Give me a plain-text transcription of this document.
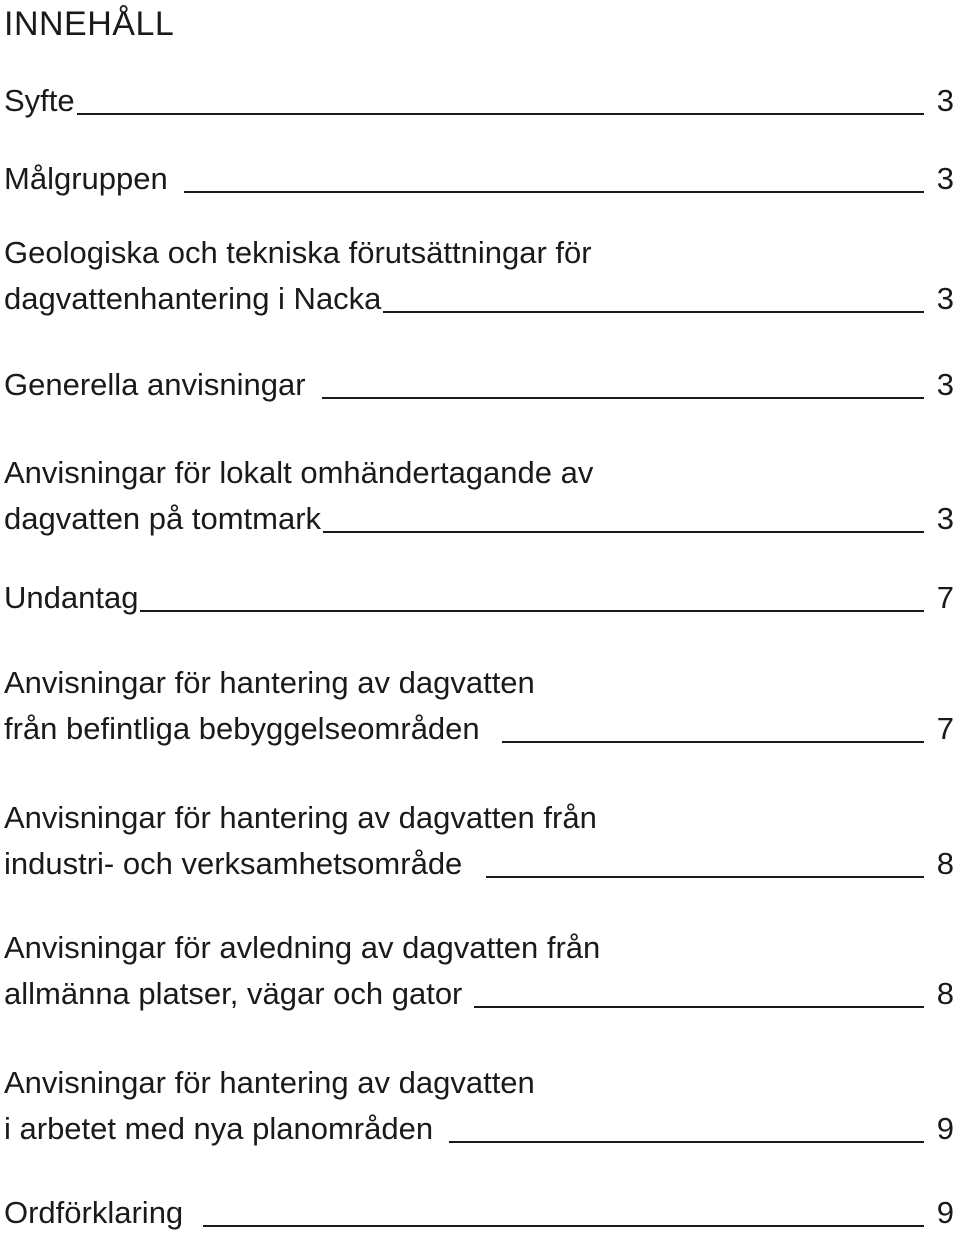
INNEHÅLL
Syfte	3
Målgruppen	3
Geologiska och tekniska förutsättningar för
dagvattenhantering i Nacka	3
Generella anvisningar	3
Anvisningar för lokalt omhändertagande av
dagvatten på tomtmark	3
Undantag	7
Anvisningar för hantering av dagvatten
från befintliga bebyggelseområden	7
Anvisningar för hantering av dagvatten från
industri- och verksamhetsområde	8
Anvisningar för avledning av dagvatten från
allmänna platser, vägar och gator	8
Anvisningar för hantering av dagvatten
i arbetet med nya planområden	9
Ordförklaring	9
